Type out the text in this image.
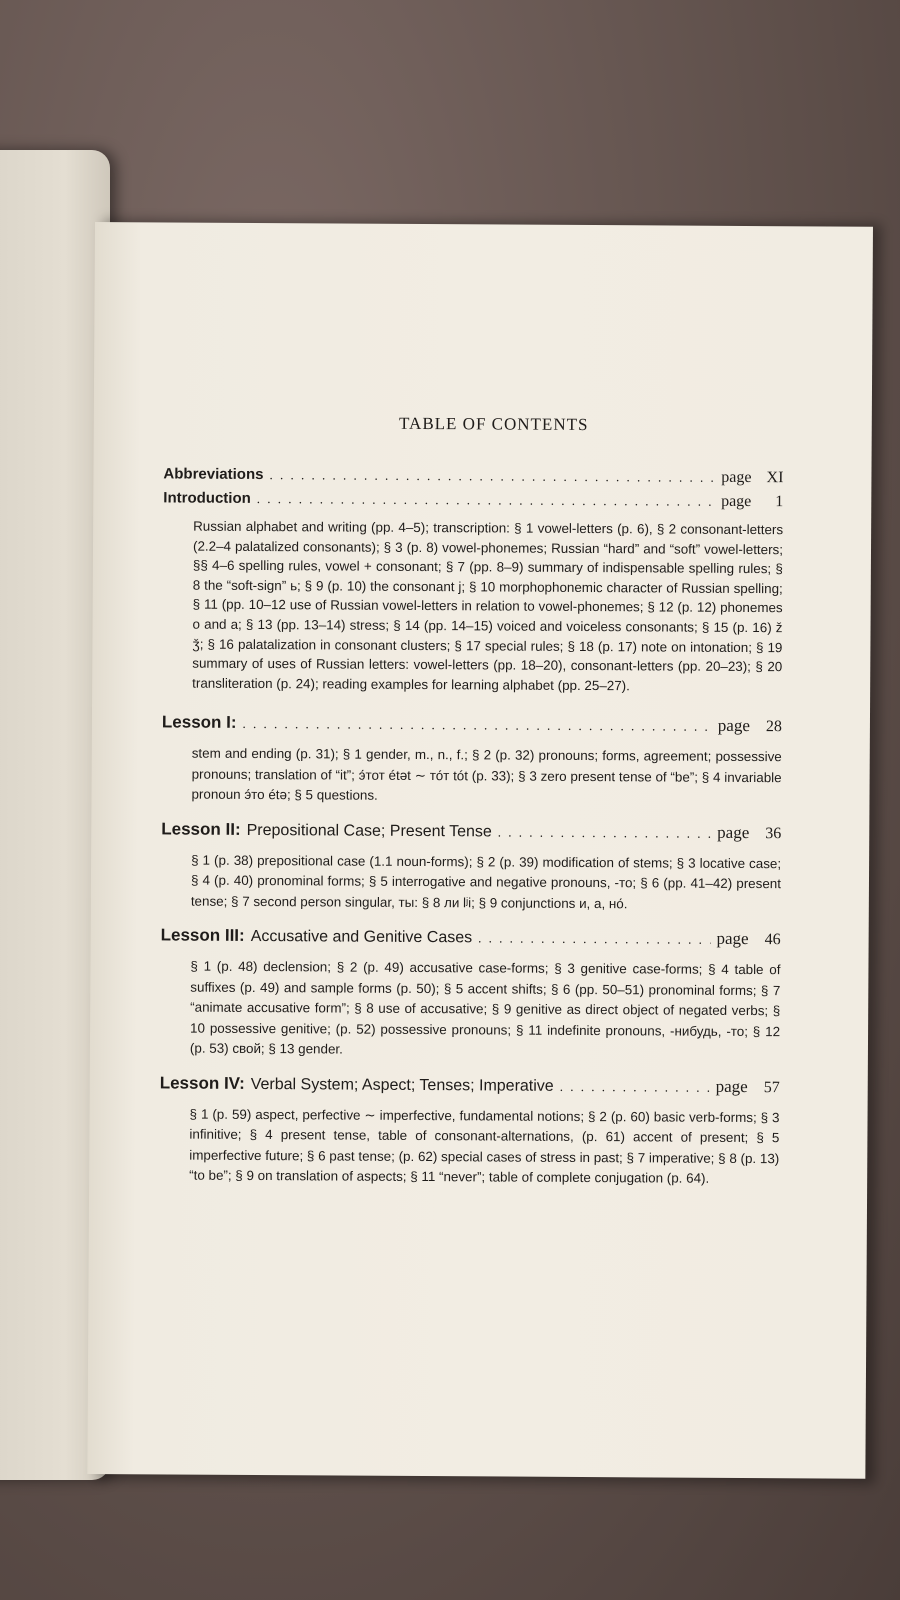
TABLE OF CONTENTS
Abbreviations . . .	page XI
Introduction . . .	page	1
Russian alphabet and writing (pp. 4–5); transcription: § 1 vowel-letters (p. 6), § 2 consonant-letters (2.2–4 palatalized consonants); § 3 (p. 8) vowel-phonemes; Russian “hard” and “soft” vowel-letters; §§ 4–6 spelling rules, vowel + consonant; § 7 (pp. 8–9) summary of indispensable spelling rules; § 8 the “soft-sign” ь; § 9 (p. 10) the consonant j; § 10 morphophonemic character of Russian spelling; § 11 (pp. 10–12 use of Russian vowel-letters in relation to vowel-phonemes; § 12 (p. 12) phonemes o and a; § 13 (pp. 13–14) stress; § 14 (pp. 14–15) voiced and voiceless consonants; § 15 (p. 16) ž ǯ; § 16 palatalization in consonant clusters; § 17 special rules; § 18 (p. 17) note on intonation; § 19 summary of uses of Russian letters: vowel-letters (pp. 18–20), consonant-letters (pp. 20–23); § 20 transliteration (p. 24); reading examples for learning alphabet (pp. 25–27).
Lesson I: . . .	page 28
stem and ending (p. 31); § 1 gender, m., n., f.; § 2 (p. 32) pronouns; forms, agreement; possessive pronouns; translation of “it”; э́тот étət ∼ то́т tót (p. 33); § 3 zero present tense of “be”; § 4 invariable pronoun э́то étə; § 5 questions.
Lesson II: Prepositional Case; Present Tense . . .	page 36
§ 1 (p. 38) prepositional case (1.1 noun-forms); § 2 (p. 39) modification of stems; § 3 locative case; § 4 (p. 40) pronominal forms; § 5 interrogative and negative pronouns, -то; § 6 (pp. 41–42) present tense; § 7 second person singular, ты: § 8 ли lʲi; § 9 conjunctions и, а, но́.
Lesson III: Accusative and Genitive Cases . . .	page 46
§ 1 (p. 48) declension; § 2 (p. 49) accusative case-forms; § 3 genitive case-forms; § 4 table of suffixes (p. 49) and sample forms (p. 50); § 5 accent shifts; § 6 (pp. 50–51) pronominal forms; § 7 “animate accusative form”; § 8 use of accusative; § 9 genitive as direct object of negated verbs; § 10 possessive genitive; (p. 52) possessive pronouns; § 11 indefinite pronouns, -нибудь, -то; § 12 (p. 53) свой; § 13 gender.
Lesson IV: Verbal System; Aspect; Tenses; Imperative . . .	page 57
§ 1 (p. 59) aspect, perfective ∼ imperfective, fundamental notions; § 2 (p. 60) basic verb-forms; § 3 infinitive; § 4 present tense, table of consonant-alternations, (p. 61) accent of present; § 5 imperfective future; § 6 past tense; (p. 62) special cases of stress in past; § 7 imperative; § 8 (p. 13) “to be”; § 9 on translation of aspects; § 11 “never”; table of complete conjugation (p. 64).
